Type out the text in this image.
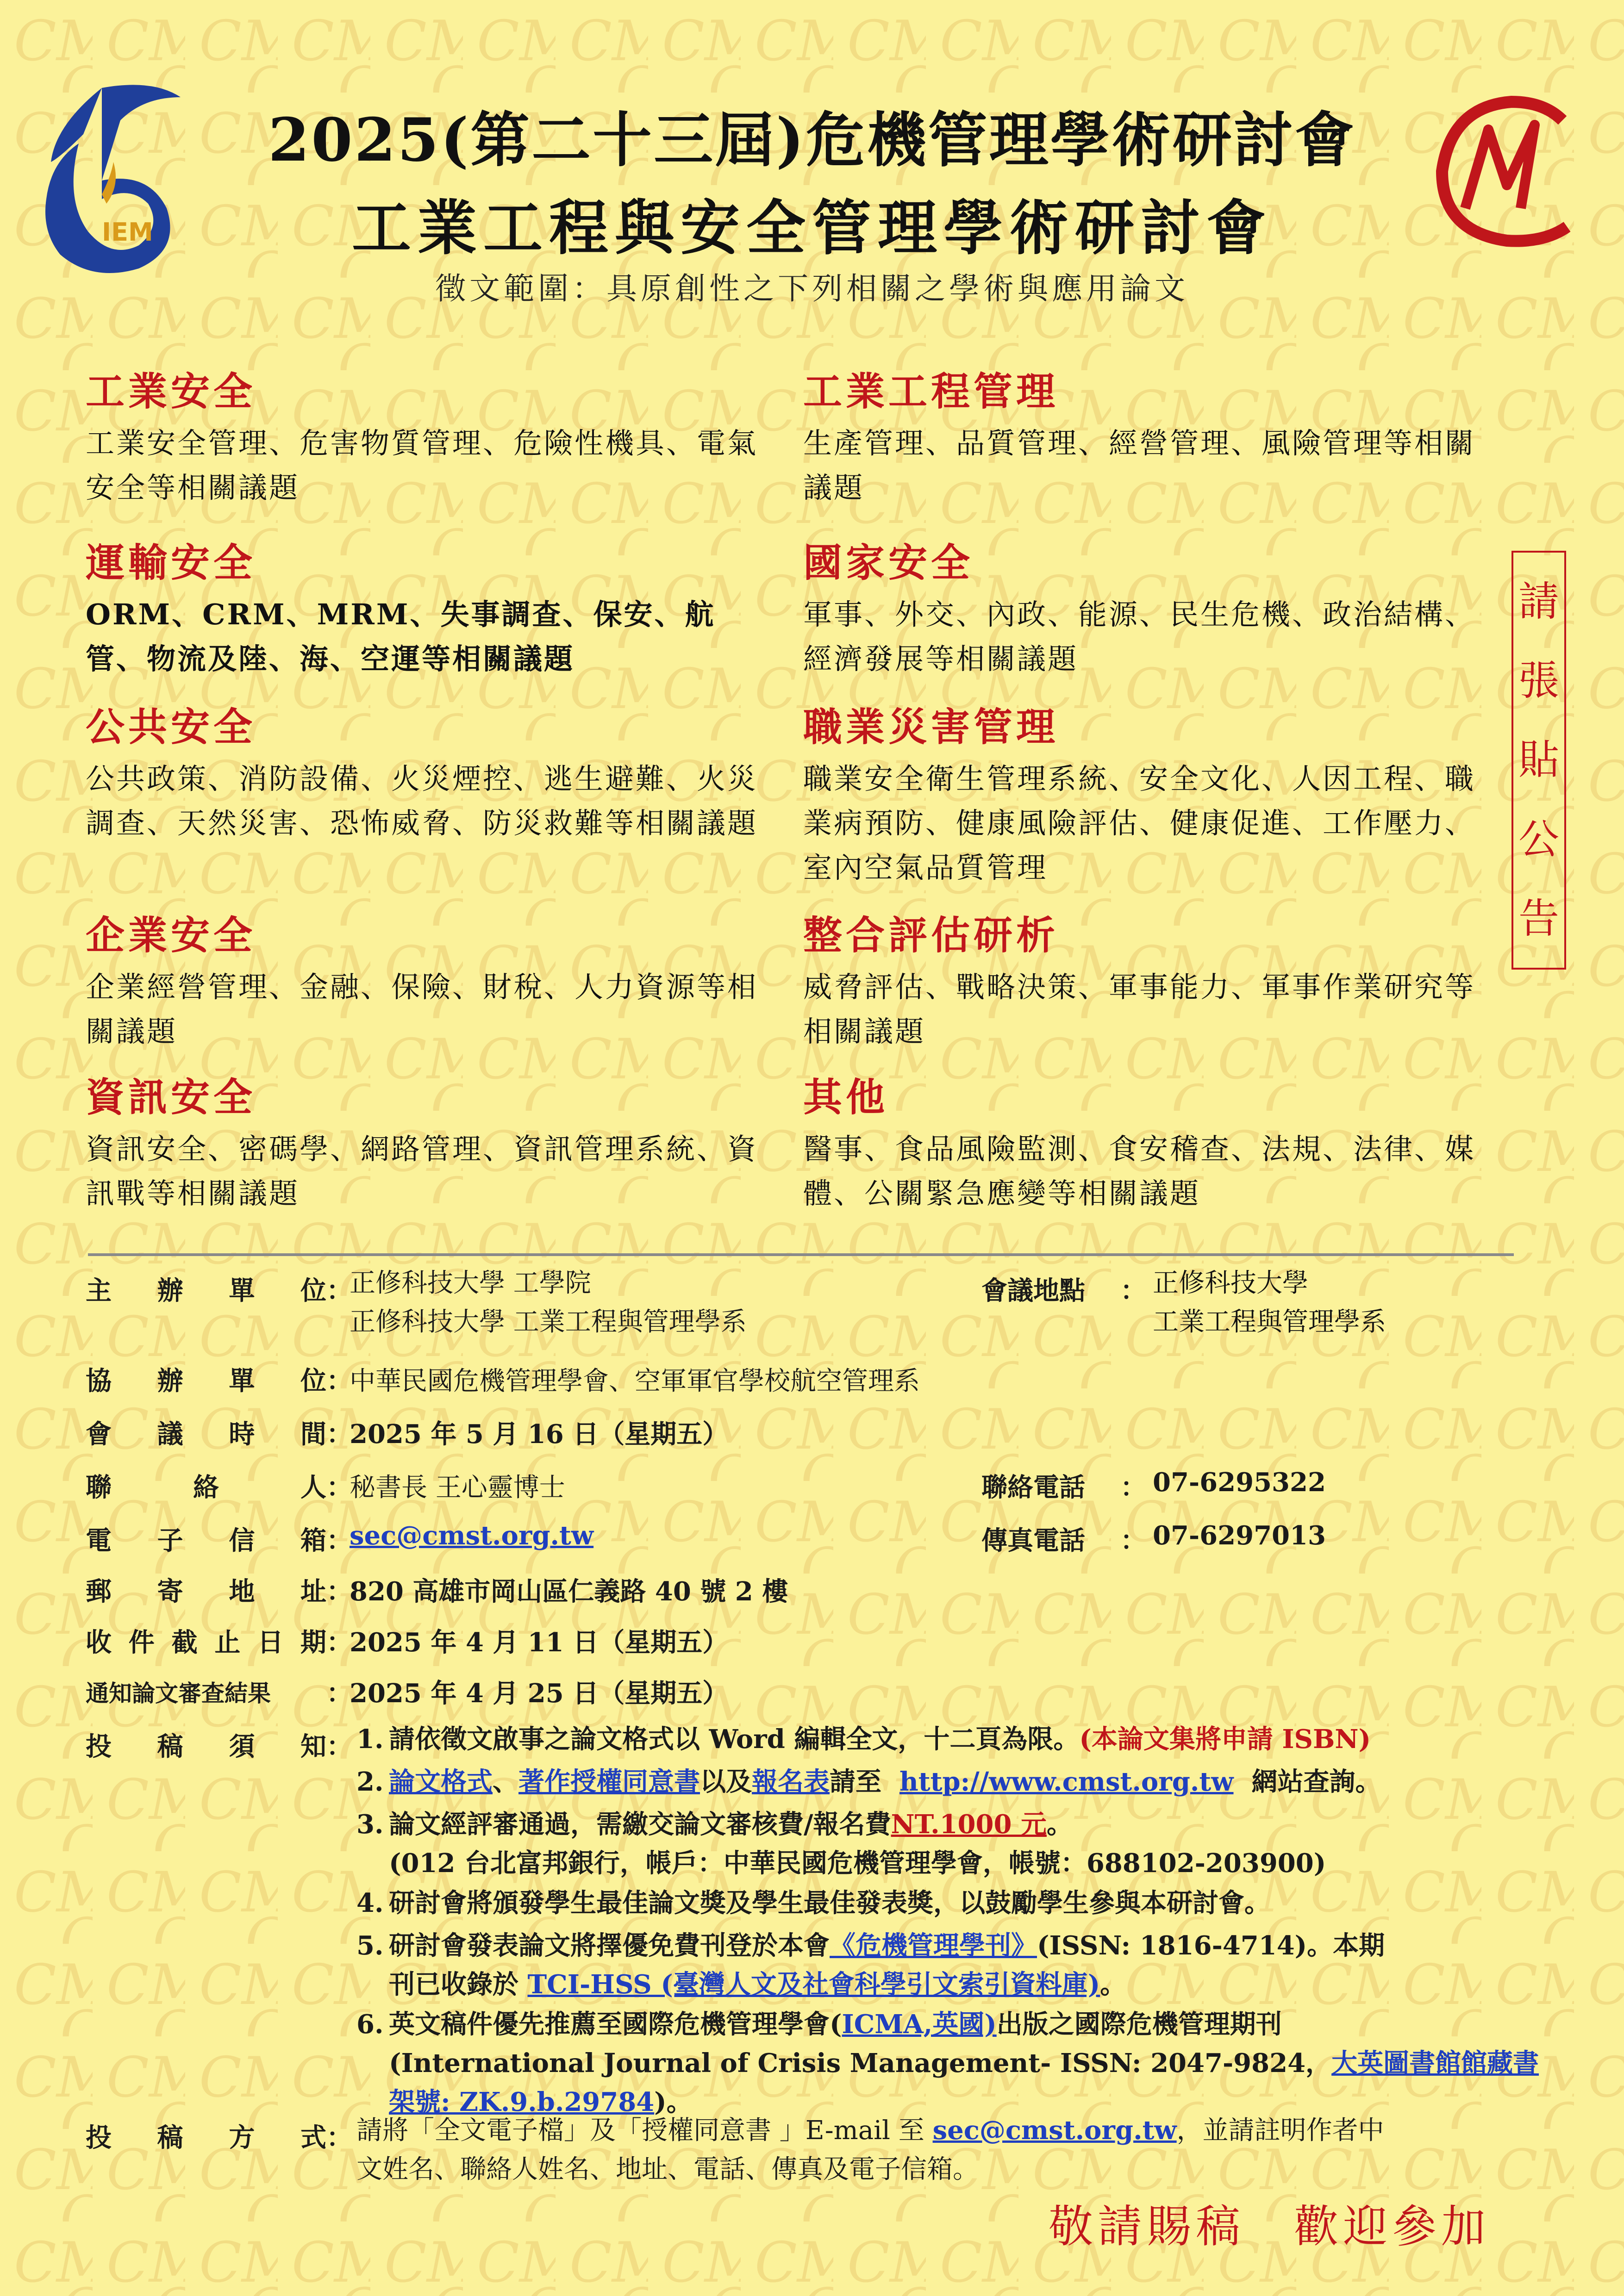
IEM
2025(第二十三屆)危機管理學術研討會
工業工程與安全管理學術研討會
徵文範圍：具原創性之下列相關之學術與應用論文
工業安全

工業安全管理、危害物質管理、危險性機具、電氣安全等相關議題

運輸安全

ORM、CRM、MRM、失事調查、保安、航管、物流及陸、海、空運等相關議題

公共安全

公共政策、消防設備、火災煙控、逃生避難、火災調查、天然災害、恐怖威脅、防災救難等相關議題

企業安全

企業經營管理、金融、保險、財稅、人力資源等相關議題

資訊安全

資訊安全、密碼學、網路管理、資訊管理系統、資訊戰等相關議題

工業工程管理

生產管理、品質管理、經營管理、風險管理等相關議題

國家安全

軍事、外交、內政、能源、民生危機、政治結構、經濟發展等相關議題

職業災害管理

職業安全衛生管理系統、安全文化、人因工程、職業病預防、健康風險評估、健康促進、工作壓力、室內空氣品質管理

整合評估研析

威脅評估、戰略決策、軍事能力、軍事作業研究等相關議題

其他

醫事、食品風險監測、食安稽查、法規、法律、媒體、公關緊急應變等相關議題

請
張
貼
公
告
主 辦 單 位 ：
正修科技大學 工學院
正修科技大學 工業工程與管理學系
會議地點 ： 正修科技大學
工業工程與管理學系
協 辦 單 位 ：
中華民國危機管理學會、空軍軍官學校航空管理系
會 議 時 間 ：
2025 年 5 月 16 日（星期五）
聯	絡	人 ：
秘書長 王心靈博士	聯絡電話 ： 07-6295322
電 子 信 箱 ：
sec@cmst.org.tw	傳真電話 ： 07-6297013
郵 寄 地 址 ：
820 高雄市岡山區仁義路 40 號 2 樓
收 件 截 止 日 期 ：
2025 年 4 月 11 日（星期五）
通知論文審查結果	：
2025 年 4 月 25 日（星期五）
投 稿 須 知 ： 1. 請依徵文啟事之論文格式以 Word 編輯全文，十二頁為限。(本論文集將申請 ISBN)
2. 論文格式、著作授權同意書以及報名表請至 http://www.cmst.org.tw 網站查詢。
3. 論文經評審通過，需繳交論文審核費/報名費NT.1000 元。
(012 台北富邦銀行，帳戶：中華民國危機管理學會，帳號：688102-203900)
4. 研討會將頒發學生最佳論文獎及學生最佳發表獎，以鼓勵學生參與本研討會。
5. 研討會發表論文將擇優免費刊登於本會《危機管理學刊》(ISSN: 1816-4714)。本期
刊已收錄於 TCI-HSS (臺灣人文及社會科學引文索引資料庫)。
6. 英文稿件優先推薦至國際危機管理學會(ICMA,英國)出版之國際危機管理期刊
(International Journal of Crisis Management- ISSN: 2047-9824，大英圖書館館藏書
架號: ZK.9.b.29784)。
投 稿 方 式 ： 請將「全文電子檔」及「授權同意書 」E-mail 至 sec@cmst.org.tw，並請註明作者中
文姓名、聯絡人姓名、地址、電話、傳真及電子信箱。
敬請賜稿　歡迎參加
